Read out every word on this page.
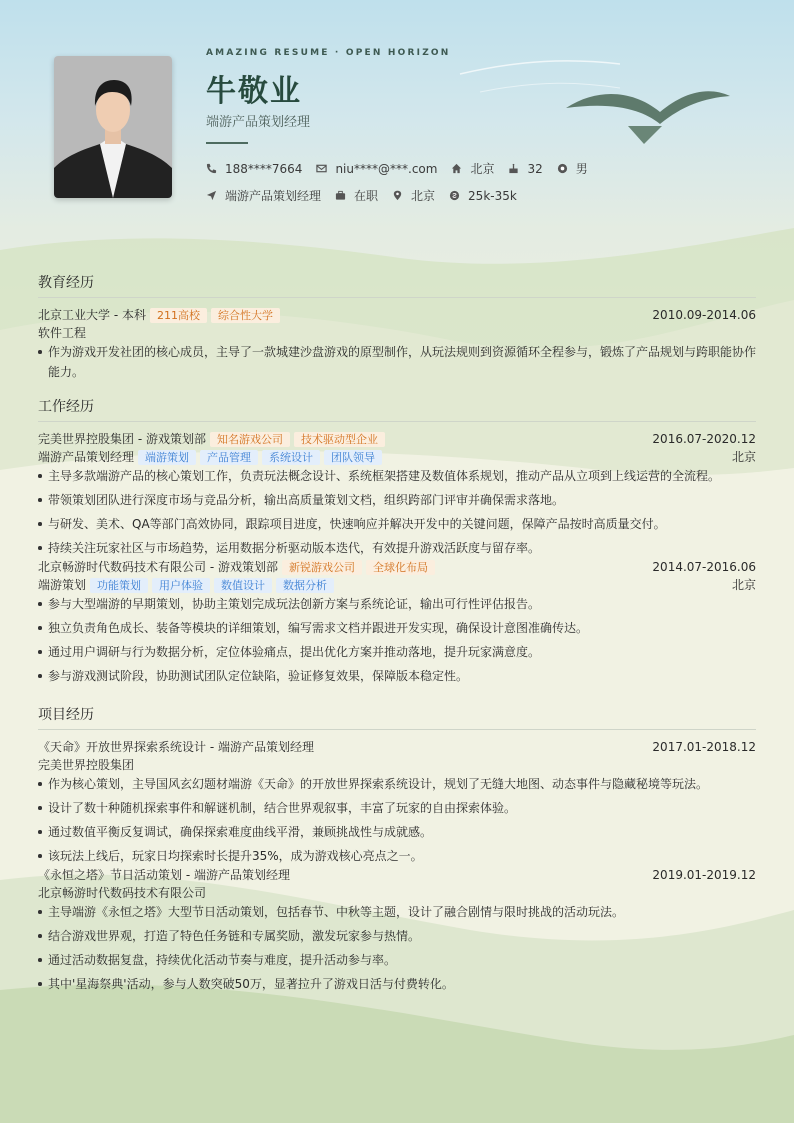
AMAZING RESUME · OPEN HORIZON
牛敬业
端游产品策划经理
188****7664	niu****@***.com	北京	32	男
端游产品策划经理	在职	北京	25k-35k
教育经历
北京工业大学 - 本科	211高校	综合性大学	2010.09-2014.06
软件工程
作为游戏开发社团的核心成员，主导了一款城建沙盘游戏的原型制作，从玩法规则到资源循环全程参与，锻炼了产品规划与跨职能协作能力。
工作经历
完美世界控股集团 - 游戏策划部	知名游戏公司	技术驱动型企业	2016.07-2020.12
端游产品策划经理	端游策划	产品管理	系统设计	团队领导	北京
主导多款端游产品的核心策划工作，负责玩法概念设计、系统框架搭建及数值体系规划，推动产品从立项到上线运营的全流程。
带领策划团队进行深度市场与竞品分析，输出高质量策划文档，组织跨部门评审并确保需求落地。
与研发、美术、QA等部门高效协同，跟踪项目进度，快速响应并解决开发中的关键问题，保障产品按时高质量交付。
持续关注玩家社区与市场趋势，运用数据分析驱动版本迭代，有效提升游戏活跃度与留存率。
北京畅游时代数码技术有限公司 - 游戏策划部	新锐游戏公司	全球化布局	2014.07-2016.06
端游策划	功能策划	用户体验	数值设计	数据分析	北京
参与大型端游的早期策划，协助主策划完成玩法创新方案与系统论证，输出可行性评估报告。
独立负责角色成长、装备等模块的详细策划，编写需求文档并跟进开发实现，确保设计意图准确传达。
通过用户调研与行为数据分析，定位体验痛点，提出优化方案并推动落地，提升玩家满意度。
参与游戏测试阶段，协助测试团队定位缺陷，验证修复效果，保障版本稳定性。
项目经历
《天命》开放世界探索系统设计 - 端游产品策划经理	2017.01-2018.12
完美世界控股集团
作为核心策划，主导国风玄幻题材端游《天命》的开放世界探索系统设计，规划了无缝大地图、动态事件与隐藏秘境等玩法。
设计了数十种随机探索事件和解谜机制，结合世界观叙事，丰富了玩家的自由探索体验。
通过数值平衡反复调试，确保探索难度曲线平滑，兼顾挑战性与成就感。
该玩法上线后，玩家日均探索时长提升35%，成为游戏核心亮点之一。
《永恒之塔》节日活动策划 - 端游产品策划经理	2019.01-2019.12
北京畅游时代数码技术有限公司
主导端游《永恒之塔》大型节日活动策划，包括春节、中秋等主题，设计了融合剧情与限时挑战的活动玩法。
结合游戏世界观，打造了特色任务链和专属奖励，激发玩家参与热情。
通过活动数据复盘，持续优化活动节奏与难度，提升活动参与率。
其中'星海祭典'活动，参与人数突破50万，显著拉升了游戏日活与付费转化。
